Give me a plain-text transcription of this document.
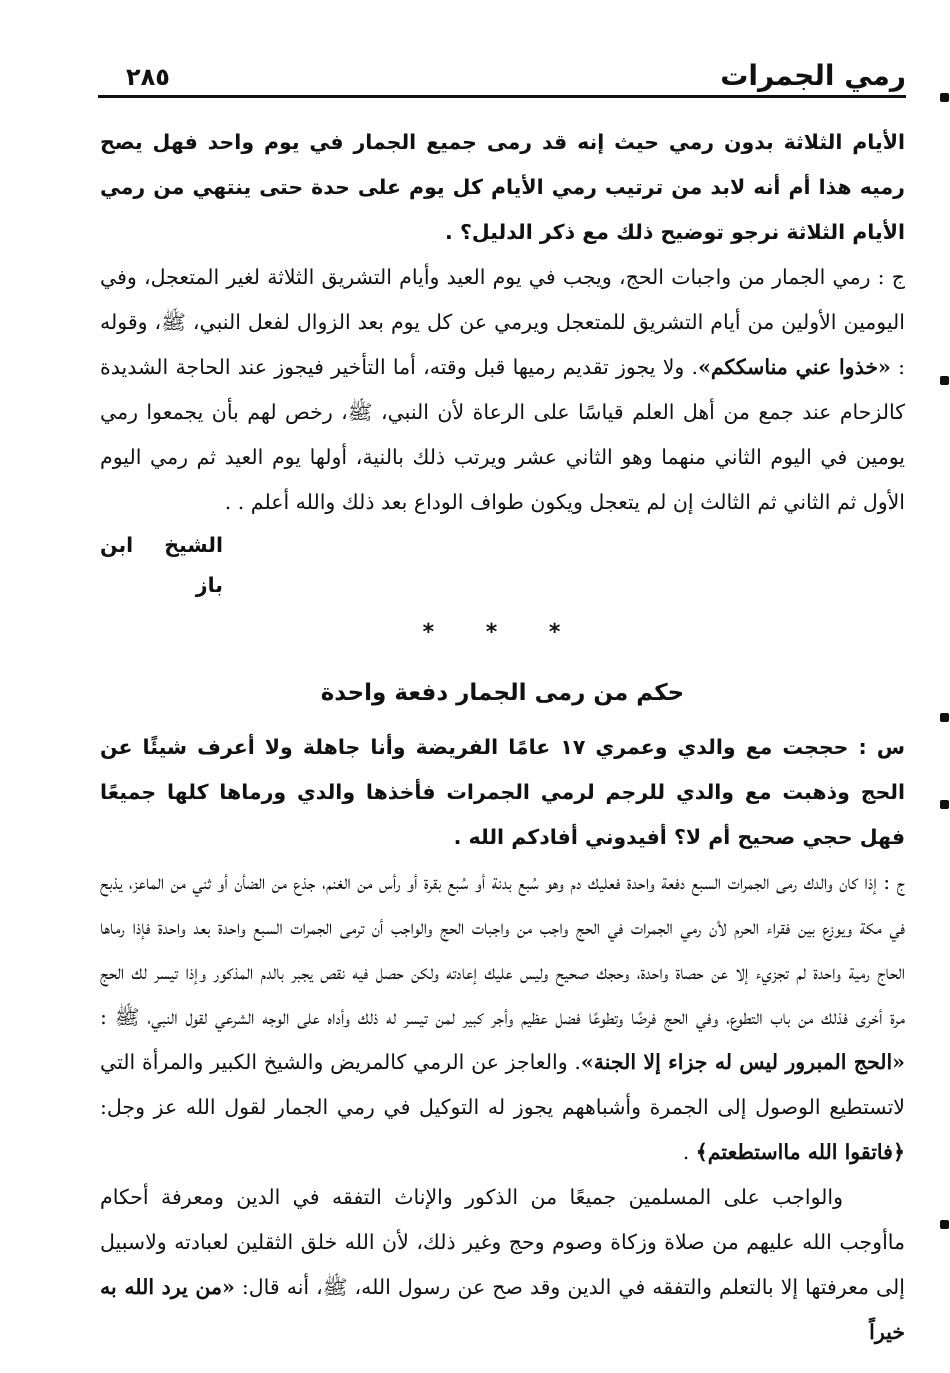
رمي الجمرات
٢٨٥

الأيام الثلاثة بدون رمي حيث إنه قد رمى جميع الجمار في يوم واحد فهل يصح رميه هذا أم أنه لابد من ترتيب رمي الأيام كل يوم على حدة حتى ينتهي من رمي الأيام الثلاثة نرجو توضيح ذلك مع ذكر الدليل؟ .

ج : رمي الجمار من واجبات الحج، ويجب في يوم العيد وأيام التشريق الثلاثة لغير المتعجل، وفي اليومين الأولين من أيام التشريق للمتعجل ويرمي عن كل يوم بعد الزوال لفعل النبي، ﷺ، وقوله : «خذوا عني مناسككم». ولا يجوز تقديم رميها قبل وقته، أما التأخير فيجوز عند الحاجة الشديدة كالزحام عند جمع من أهل العلم قياسًا على الرعاة لأن النبي، ﷺ، رخص لهم بأن يجمعوا رمي يومين في اليوم الثاني منهما وهو الثاني عشر ويرتب ذلك بالنية، أولها يوم العيد ثم رمي اليوم الأول ثم الثاني ثم الثالث إن لم يتعجل ويكون طواف الوداع بعد ذلك والله أعلم . .

الشيخ ابن باز

* * *
حكم من رمى الجمار دفعة واحدة

س : حججت مع والدي وعمري ١٧ عامًا الفريضة وأنا جاهلة ولا أعرف شيئًا عن الحج وذهبت مع والدي للرجم لرمي الجمرات فأخذها والدي ورماها كلها جميعًا فهل حجي صحيح أم لا؟ أفيدوني أفادكم الله .

ج : إذا كان والدك رمى الجمرات السبع دفعة واحدة فعليك دم وهو سُبع بدنة أو سُبع بقرة أو رأس من الغنم، جذع من الضأن أو ثني من الماعز، يذبح في مكة ويوزع بين فقراء الحرم لأن رمي الجمرات في الحج واجب من واجبات الحج والواجب أن ترمى الجمرات السبع واحدة بعد واحدة فإذا رماها الحاج رمية واحدة لم تجزيء إلا عن حصاة واحدة، وحجك صحيح وليس عليك إعادته ولكن حصل فيه نقص يجبر بالدم المذكور وإذا تيسر لك الحج مرة أخرى فذلك من باب التطوع، وفي الحج فرضًا وتطوعًا فضل عظيم وأجر كبير لمن تيسر له ذلك وأداه على الوجه الشرعي لقول النبي، ﷺ : «الحج المبرور ليس له جزاء إلا الجنة». والعاجز عن الرمي كالمريض والشيخ الكبير والمرأة التي لاتستطيع الوصول إلى الجمرة وأشباههم يجوز له التوكيل في رمي الجمار لقول الله عز وجل: ﴿فاتقوا الله مااستطعتم﴾ .

والواجب على المسلمين جميعًا من الذكور والإناث التفقه في الدين ومعرفة أحكام ماأوجب الله عليهم من صلاة وزكاة وصوم وحج وغير ذلك، لأن الله خلق الثقلين لعبادته ولاسبيل إلى معرفتها إلا بالتعلم والتفقه في الدين وقد صح عن رسول الله، ﷺ، أنه قال: «من يرد الله به خيراً
